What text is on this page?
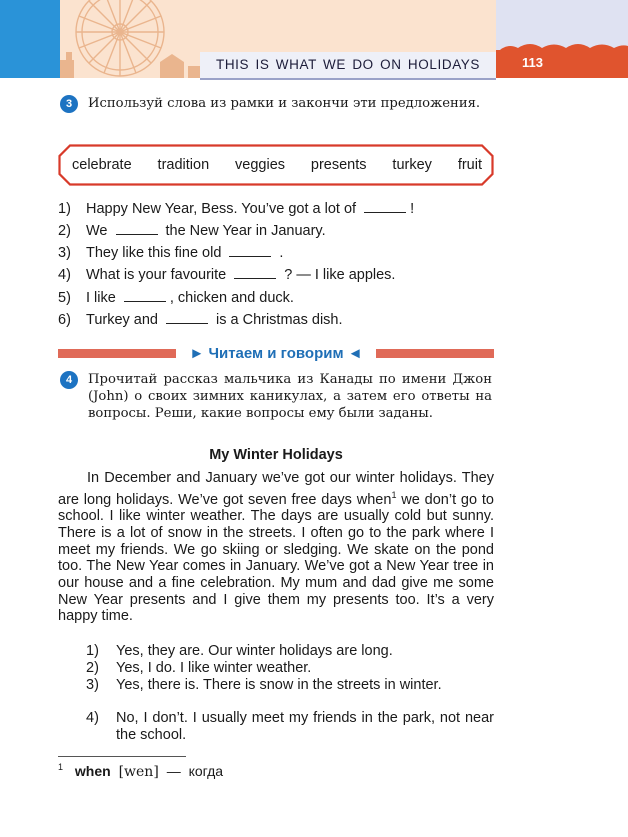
THIS IS WHAT WE DO ON HOLIDAYS	113
3	Используй слова из рамки и закончи эти предложения.
celebrate tradition veggies presents turkey fruit
1) Happy New Year, Bess. You’ve got a lot of	!
2) We	the New Year in January.
3) They like this fine old	.
4) What is your favourite	? — I like apples.
5) I like	, chicken and duck.
6) Turkey and	is a Christmas dish.
► Читаем и говорим ◄
4	Прочитай рассказ мальчика из Канады по имени Джон (John) о своих зимних каникулах, а затем его ответы на вопросы. Реши, какие вопросы ему были заданы.
My Winter Holidays

In December and January we’ve got our winter holidays. They are long holidays. We’ve got seven free days when$^1$ we don’t go to school. I like winter weather. The days are usually cold but sunny. There is a lot of snow in the streets. I often go to the park where I meet my friends. We go skiing or sledging. We skate on the pond too. The New Year comes in January. We’ve got a New Year tree in our house and a fine celebration. My mum and dad give me some New Year presents and I give them my presents too. It’s a very happy time.

1) Yes, they are. Our winter holidays are long.
2) Yes, I do. I like winter weather.
3) Yes, there is. There is snow in the streets in winter.
4) No, I don’t. I usually meet my friends in the park, not near the school.
$^1$ when [wen] — когда
